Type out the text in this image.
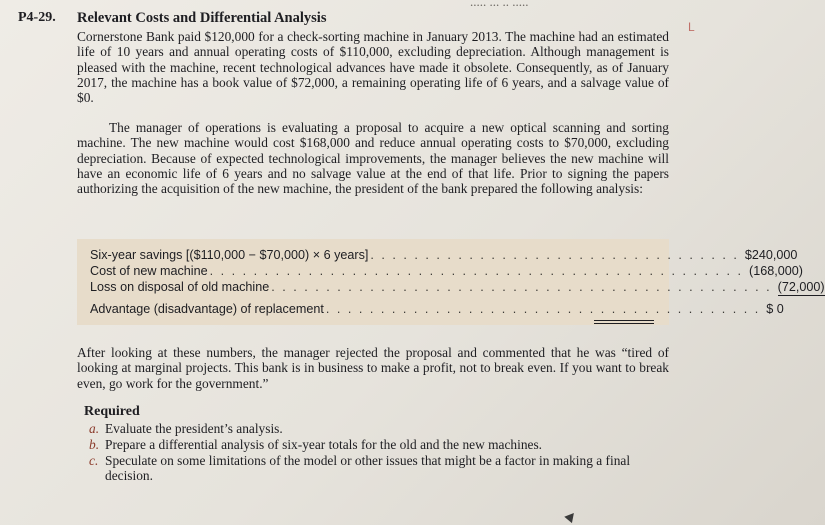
..... ... .. .....
L
P4-29. Relevant Costs and Differential Analysis
Cornerstone Bank paid $120,000 for a check-sorting machine in January 2013. The machine had an estimated life of 10 years and annual operating costs of $110,000, excluding depreciation. Although management is pleased with the machine, recent technological advances have made it obsolete. Consequently, as of January 2017, the machine has a book value of $72,000, a remaining operating life of 6 years, and a salvage value of $0.
The manager of operations is evaluating a proposal to acquire a new optical scanning and sorting machine. The new machine would cost $168,000 and reduce annual operating costs to $70,000, excluding depreciation. Because of expected technological improvements, the manager believes the new machine will have an economic life of 6 years and no salvage value at the end of that life. Prior to signing the papers authorizing the acquisition of the new machine, the president of the bank prepared the following analysis:
Six-year savings [($110,000 − $70,000) × 6 years] . . . . . . . . . . . . . . . . . . . . . . . . . . . . . . . . . . $240,000
Cost of new machine . . . . . . . . . . . . . . . . . . . . . . . . . . . . . . . . . . . . . . . . . . . . . . . . . (168,000)
Loss on disposal of old machine . . . . . . . . . . . . . . . . . . . . . . . . . . . . . . . . . . . . . . . . . . . . . . (72,000)
Advantage (disadvantage) of replacement . . . . . . . . . . . . . . . . . . . . . . . . . . . . . . . . . . . . . . . . $ 0
After looking at these numbers, the manager rejected the proposal and commented that he was “tired of looking at marginal projects. This bank is in business to make a profit, not to break even. If you want to break even, go work for the government.”
Required
a. Evaluate the president’s analysis.
b. Prepare a differential analysis of six-year totals for the old and the new machines.
c. Speculate on some limitations of the model or other issues that might be a factor in making a final
decision.
